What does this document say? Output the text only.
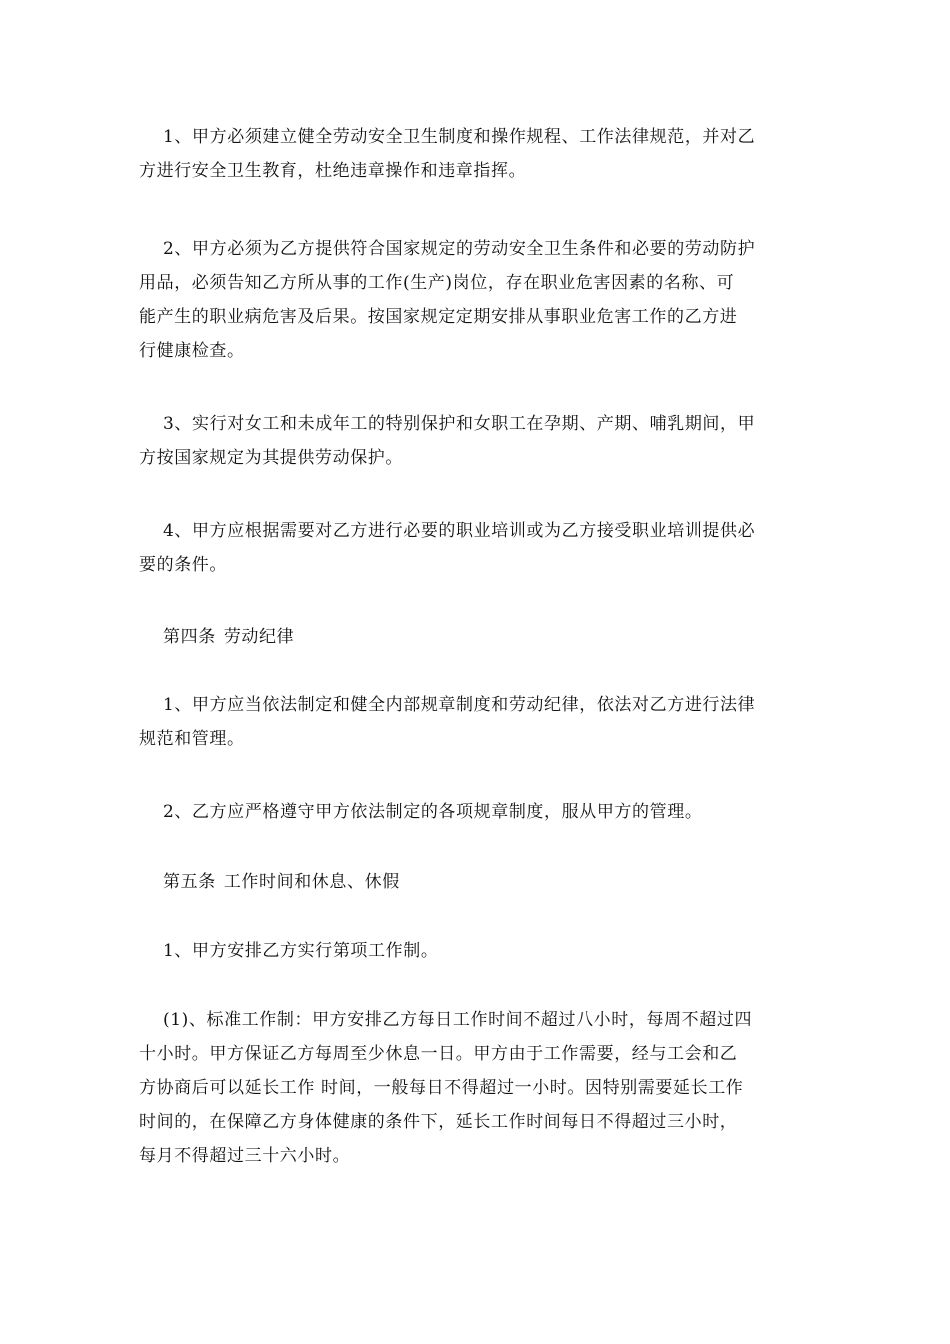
1、甲方必须建立健全劳动安全卫生制度和操作规程、工作法律规范，并对乙
方进行安全卫生教育，杜绝违章操作和违章指挥。

2、甲方必须为乙方提供符合国家规定的劳动安全卫生条件和必要的劳动防护
用品，必须告知乙方所从事的工作(生产)岗位，存在职业危害因素的名称、可
能产生的职业病危害及后果。按国家规定定期安排从事职业危害工作的乙方进
行健康检查。

3、实行对女工和未成年工的特别保护和女职工在孕期、产期、哺乳期间，甲
方按国家规定为其提供劳动保护。

4、甲方应根据需要对乙方进行必要的职业培训或为乙方接受职业培训提供必
要的条件。

第四条 劳动纪律

1、甲方应当依法制定和健全内部规章制度和劳动纪律，依法对乙方进行法律
规范和管理。

2、乙方应严格遵守甲方依法制定的各项规章制度，服从甲方的管理。

第五条 工作时间和休息、休假

1、甲方安排乙方实行第项工作制。

(1)、标准工作制：甲方安排乙方每日工作时间不超过八小时，每周不超过四
十小时。甲方保证乙方每周至少休息一日。甲方由于工作需要，经与工会和乙
方协商后可以延长工作 时间，一般每日不得超过一小时。因特别需要延长工作
时间的，在保障乙方身体健康的条件下，延长工作时间每日不得超过三小时，
每月不得超过三十六小时。
